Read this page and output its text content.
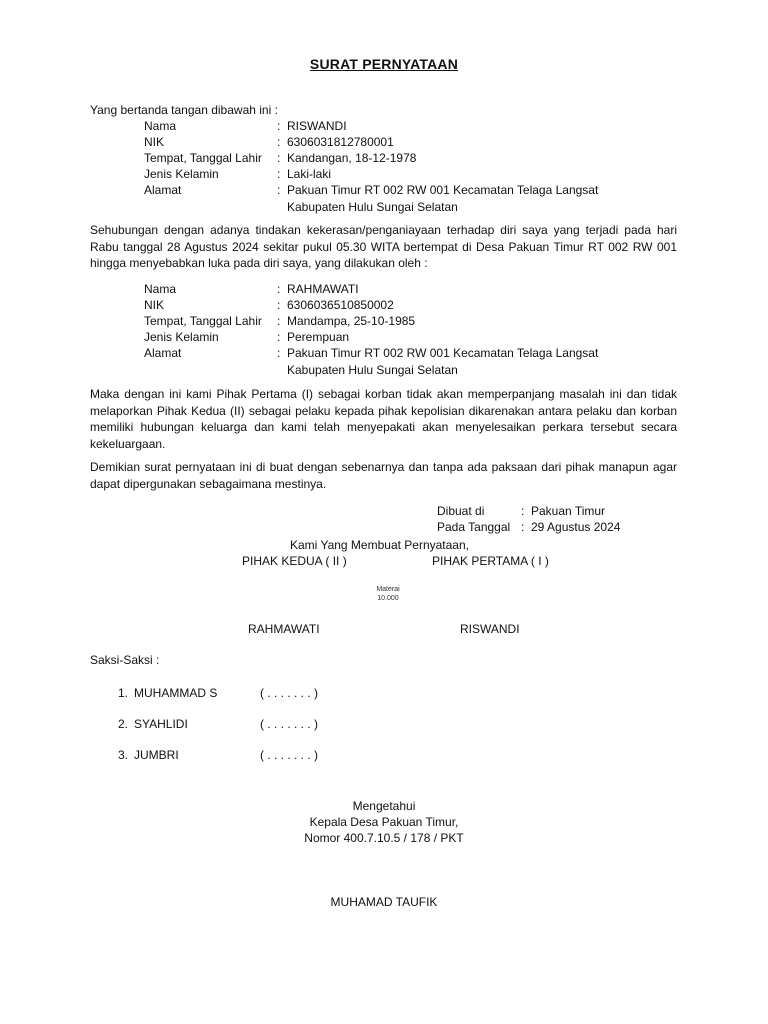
SURAT PERNYATAAN
Yang bertanda tangan dibawah ini :
Nama	: RISWANDI
NIK	: 6306031812780001
Tempat, Tanggal Lahir : Kandangan, 18-12-1978
Jenis Kelamin	: Laki-laki
Alamat	: Pakuan Timur RT 002 RW 001 Kecamatan Telaga Langsat
Kabupaten Hulu Sungai Selatan
Sehubungan dengan adanya tindakan kekerasan/penganiayaan terhadap diri saya yang terjadi pada hari Rabu tanggal 28 Agustus 2024 sekitar pukul 05.30 WITA bertempat di Desa Pakuan Timur RT 002 RW 001 hingga menyebabkan luka pada diri saya, yang dilakukan oleh :
Nama	: RAHMAWATI
NIK	: 6306036510850002
Tempat, Tanggal Lahir : Mandampa, 25-10-1985
Jenis Kelamin	: Perempuan
Alamat	: Pakuan Timur RT 002 RW 001 Kecamatan Telaga Langsat
Kabupaten Hulu Sungai Selatan
Maka dengan ini kami Pihak Pertama (I) sebagai korban tidak akan memperpanjang masalah ini dan tidak melaporkan Pihak Kedua (II) sebagai pelaku kepada pihak kepolisian dikarenakan antara pelaku dan korban memiliki hubungan keluarga dan kami telah menyepakati akan menyelesaikan perkara tersebut secara kekeluargaan.
Demikian surat pernyataan ini di buat dengan sebenarnya dan tanpa ada paksaan dari pihak manapun agar dapat dipergunakan sebagaimana mestinya.
Dibuat di	: Pakuan Timur
Pada Tanggal : 29 Agustus 2024
Kami Yang Membuat Pernyataan,
PIHAK KEDUA ( II )	PIHAK PERTAMA ( I )
Materai
10.000
RAHMAWATI	RISWANDI
Saksi-Saksi :
1. MUHAMMAD S	( . . . . . . . )
2. SYAHLIDI	( . . . . . . . )
3. JUMBRI	( . . . . . . . )
Mengetahui
Kepala Desa Pakuan Timur,
Nomor 400.7.10.5 / 178 / PKT
MUHAMAD TAUFIK
